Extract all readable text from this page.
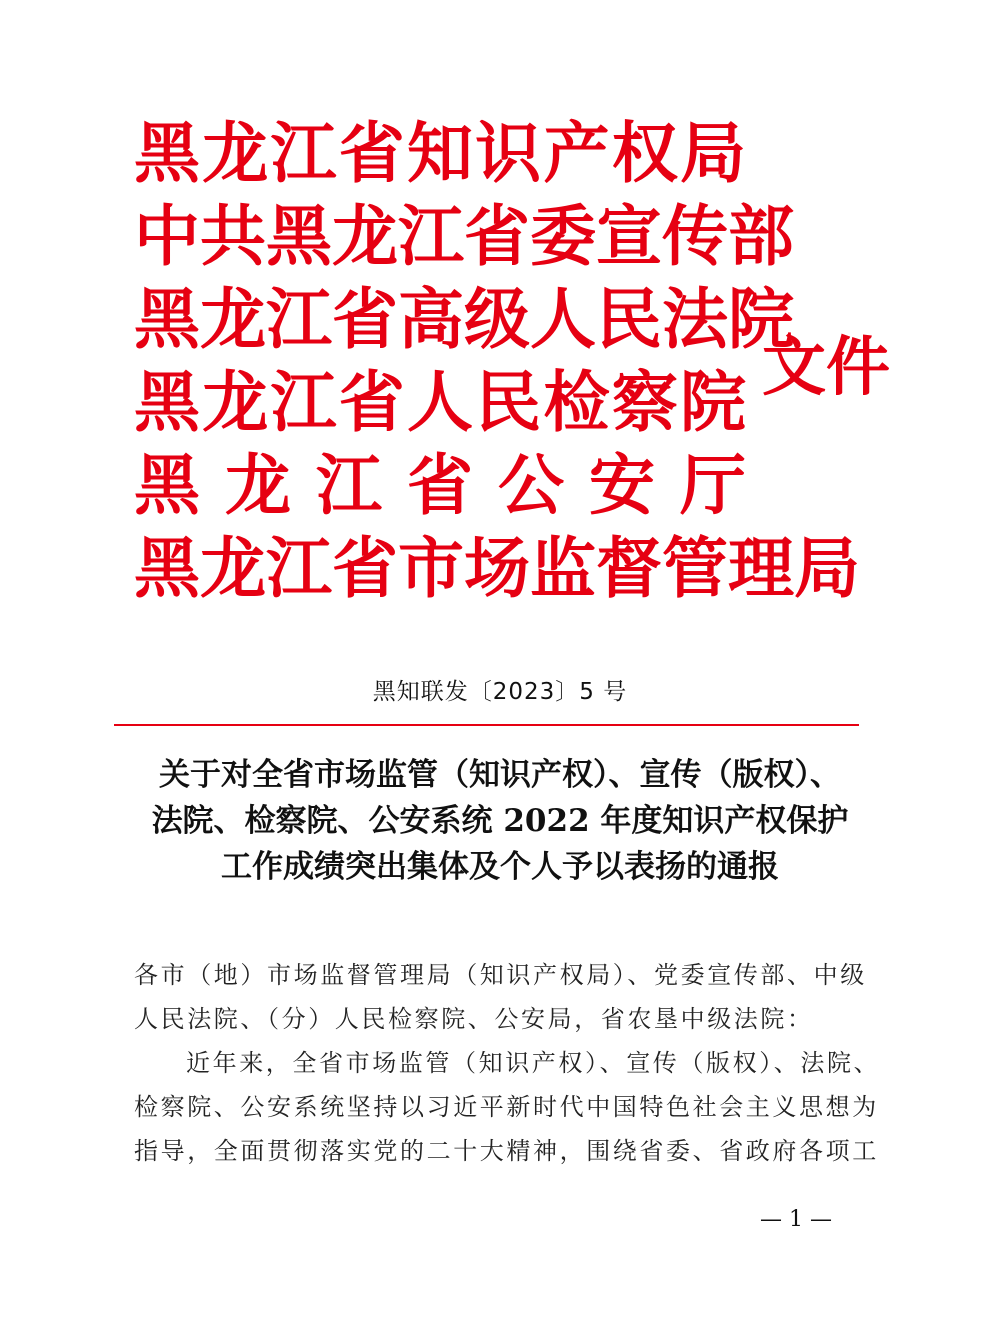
黑龙江省知识产权局
中共黑龙江省委宣传部
黑龙江省高级人民法院
黑龙江省人民检察院
黑龙江省公安厅
黑龙江省市场监督管理局
文件
黑知联发〔2023〕5 号
关于对全省市场监管（知识产权）、宣传（版权）、
法院、检察院、公安系统 2022 年度知识产权保护
工作成绩突出集体及个人予以表扬的通报
各市（地）市场监督管理局（知识产权局）、党委宣传部、中级
人民法院、（分）人民检察院、公安局，省农垦中级法院：
近年来，全省市场监管（知识产权）、宣传（版权）、法院、
检察院、公安系统坚持以习近平新时代中国特色社会主义思想为
指导，全面贯彻落实党的二十大精神，围绕省委、省政府各项工
— 1 —
